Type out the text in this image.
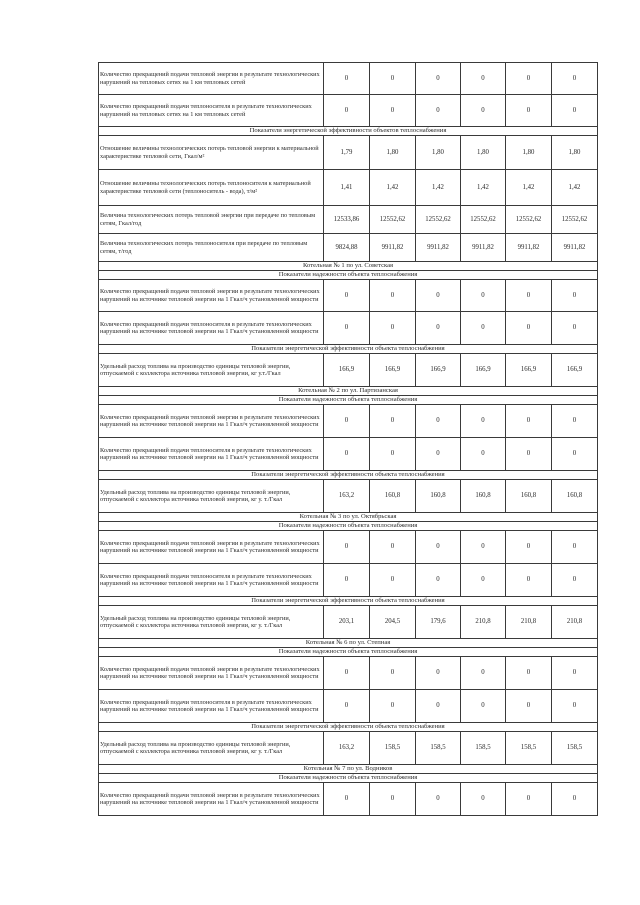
Количество прекращений подачи тепловой энергии в результате технологических нарушений на тепловых сетях на 1 км тепловых сетей	0	0	0	0	0	0
Количество прекращений подачи теплоносителя в результате технологических нарушений на тепловых сетях на 1 км тепловых сетей	0	0	0	0	0	0
Показатели энергетической эффективности объектов теплоснабжения						
Отношение величины технологических потерь тепловой энергии к материальной характеристике тепловой сети, Гкал/м²	1,79	1,80	1,80	1,80	1,80	1,80
Отношение величины технологических потерь теплоносителя к материальной характеристике тепловой сети (теплоноситель - вода), т/м²	1,41	1,42	1,42	1,42	1,42	1,42
Величина технологических потерь тепловой энергии при передаче по тепловым сетям, Гкал/год	12533,86	12552,62	12552,62	12552,62	12552,62	12552,62
Величина технологических потерь теплоносителя при передаче по тепловым сетям, т/год	9824,88	9911,82	9911,82	9911,82	9911,82	9911,82
Котельная № 1 по ул. Советская						
Показатели надежности объекта теплоснабжения						
Количество прекращений подачи тепловой энергии в результате технологических нарушений на источнике тепловой энергии на 1 Гкал/ч установленной мощности	0	0	0	0	0	0
Количество прекращений подачи теплоносителя в результате технологических нарушений на источнике тепловой энергии на 1 Гкал/ч установленной мощности	0	0	0	0	0	0
Показатели энергетической эффективности объекта теплоснабжения						
Удельный расход топлива на производство единицы тепловой энергии, отпускаемой с коллектора источника тепловой энергии, кг у.т./Гкал	166,9	166,9	166,9	166,9	166,9	166,9
Котельная № 2 по ул. Партизанская						
Показатели надежности объекта теплоснабжения						
Количество прекращений подачи тепловой энергии в результате технологических нарушений на источнике тепловой энергии на 1 Гкал/ч установленной мощности	0	0	0	0	0	0
Количество прекращений подачи теплоносителя в результате технологических нарушений на источнике тепловой энергии на 1 Гкал/ч установленной мощности	0	0	0	0	0	0
Показатели энергетической эффективности объекта теплоснабжения						
Удельный расход топлива на производство единицы тепловой энергии, отпускаемой с коллектора источника тепловой энергии, кг у. т./Гкал	163,2	160,8	160,8	160,8	160,8	160,8
Котельная № 3 по ул. Октябрьская						
Показатели надежности объекта теплоснабжения						
Количество прекращений подачи тепловой энергии в результате технологических нарушений на источнике тепловой энергии на 1 Гкал/ч установленной мощности	0	0	0	0	0	0
Количество прекращений подачи теплоносителя в результате технологических нарушений на источнике тепловой энергии на 1 Гкал/ч установленной мощности	0	0	0	0	0	0
Показатели энергетической эффективности объекта теплоснабжения						
Удельный расход топлива на производство единицы тепловой энергии, отпускаемой с коллектора источника тепловой энергии, кг у. т./Гкал	203,1	204,5	179,6	210,8	210,8	210,8
Котельная № 6 по ул. Степная						
Показатели надежности объекта теплоснабжения						
Количество прекращений подачи тепловой энергии в результате технологических нарушений на источнике тепловой энергии на 1 Гкал/ч установленной мощности	0	0	0	0	0	0
Количество прекращений подачи теплоносителя в результате технологических нарушений на источнике тепловой энергии на 1 Гкал/ч установленной мощности	0	0	0	0	0	0
Показатели энергетической эффективности объекта теплоснабжения						
Удельный расход топлива на производство единицы тепловой энергии, отпускаемой с коллектора источника тепловой энергии, кг у. т./Гкал	163,2	158,5	158,5	158,5	158,5	158,5
Котельная № 7 по ул. Водников						
Показатели надежности объекта теплоснабжения						
Количество прекращений подачи тепловой энергии в результате технологических нарушений на источнике тепловой энергии на 1 Гкал/ч установленной мощности	0	0	0	0	0	0
